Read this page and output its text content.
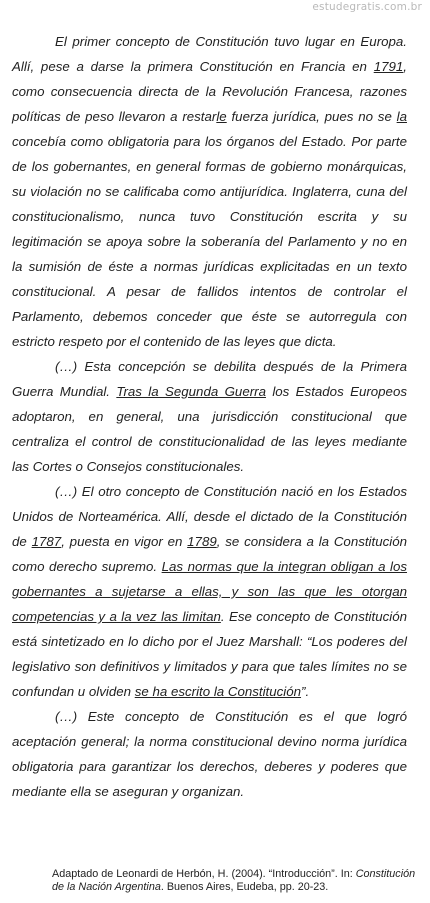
estudegratis.com.br

El primer concepto de Constitución tuvo lugar en Europa. Allí, pese a darse la primera Constitución en Francia en 1791, como consecuencia directa de la Revolución Francesa, razones políticas de peso llevaron a restarle fuerza jurídica, pues no se la concebía como obligatoria para los órganos del Estado. Por parte de los gobernantes, en general formas de gobierno monárquicas, su violación no se calificaba como antijurídica. Inglaterra, cuna del constitucionalismo, nunca tuvo Constitución escrita y su legitimación se apoya sobre la soberanía del Parlamento y no en la sumisión de éste a normas jurídicas explicitadas en un texto constitucional. A pesar de fallidos intentos de controlar el Parlamento, debemos conceder que éste se autorregula con estricto respeto por el contenido de las leyes que dicta.

(…) Esta concepción se debilita después de la Primera Guerra Mundial. Tras la Segunda Guerra los Estados Europeos adoptaron, en general, una jurisdicción constitucional que centraliza el control de constitucionalidad de las leyes mediante las Cortes o Consejos constitucionales.

(…) El otro concepto de Constitución nació en los Estados Unidos de Norteamérica. Allí, desde el dictado de la Constitución de 1787, puesta en vigor en 1789, se considera a la Constitución como derecho supremo. Las normas que la integran obligan a los gobernantes a sujetarse a ellas, y son las que les otorgan competencias y a la vez las limitan. Ese concepto de Constitución está sintetizado en lo dicho por el Juez Marshall: “Los poderes del legislativo son definitivos y limitados y para que tales límites no se confundan u olviden se ha escrito la Constitución”.

(…) Este concepto de Constitución es el que logró aceptación general; la norma constitucional devino norma jurídica obligatoria para garantizar los derechos, deberes y poderes que mediante ella se aseguran y organizan.

Adaptado de Leonardi de Herbón, H. (2004). “Introducción”. In: Constitución de la Nación Argentina. Buenos Aires, Eudeba, pp. 20-23.
